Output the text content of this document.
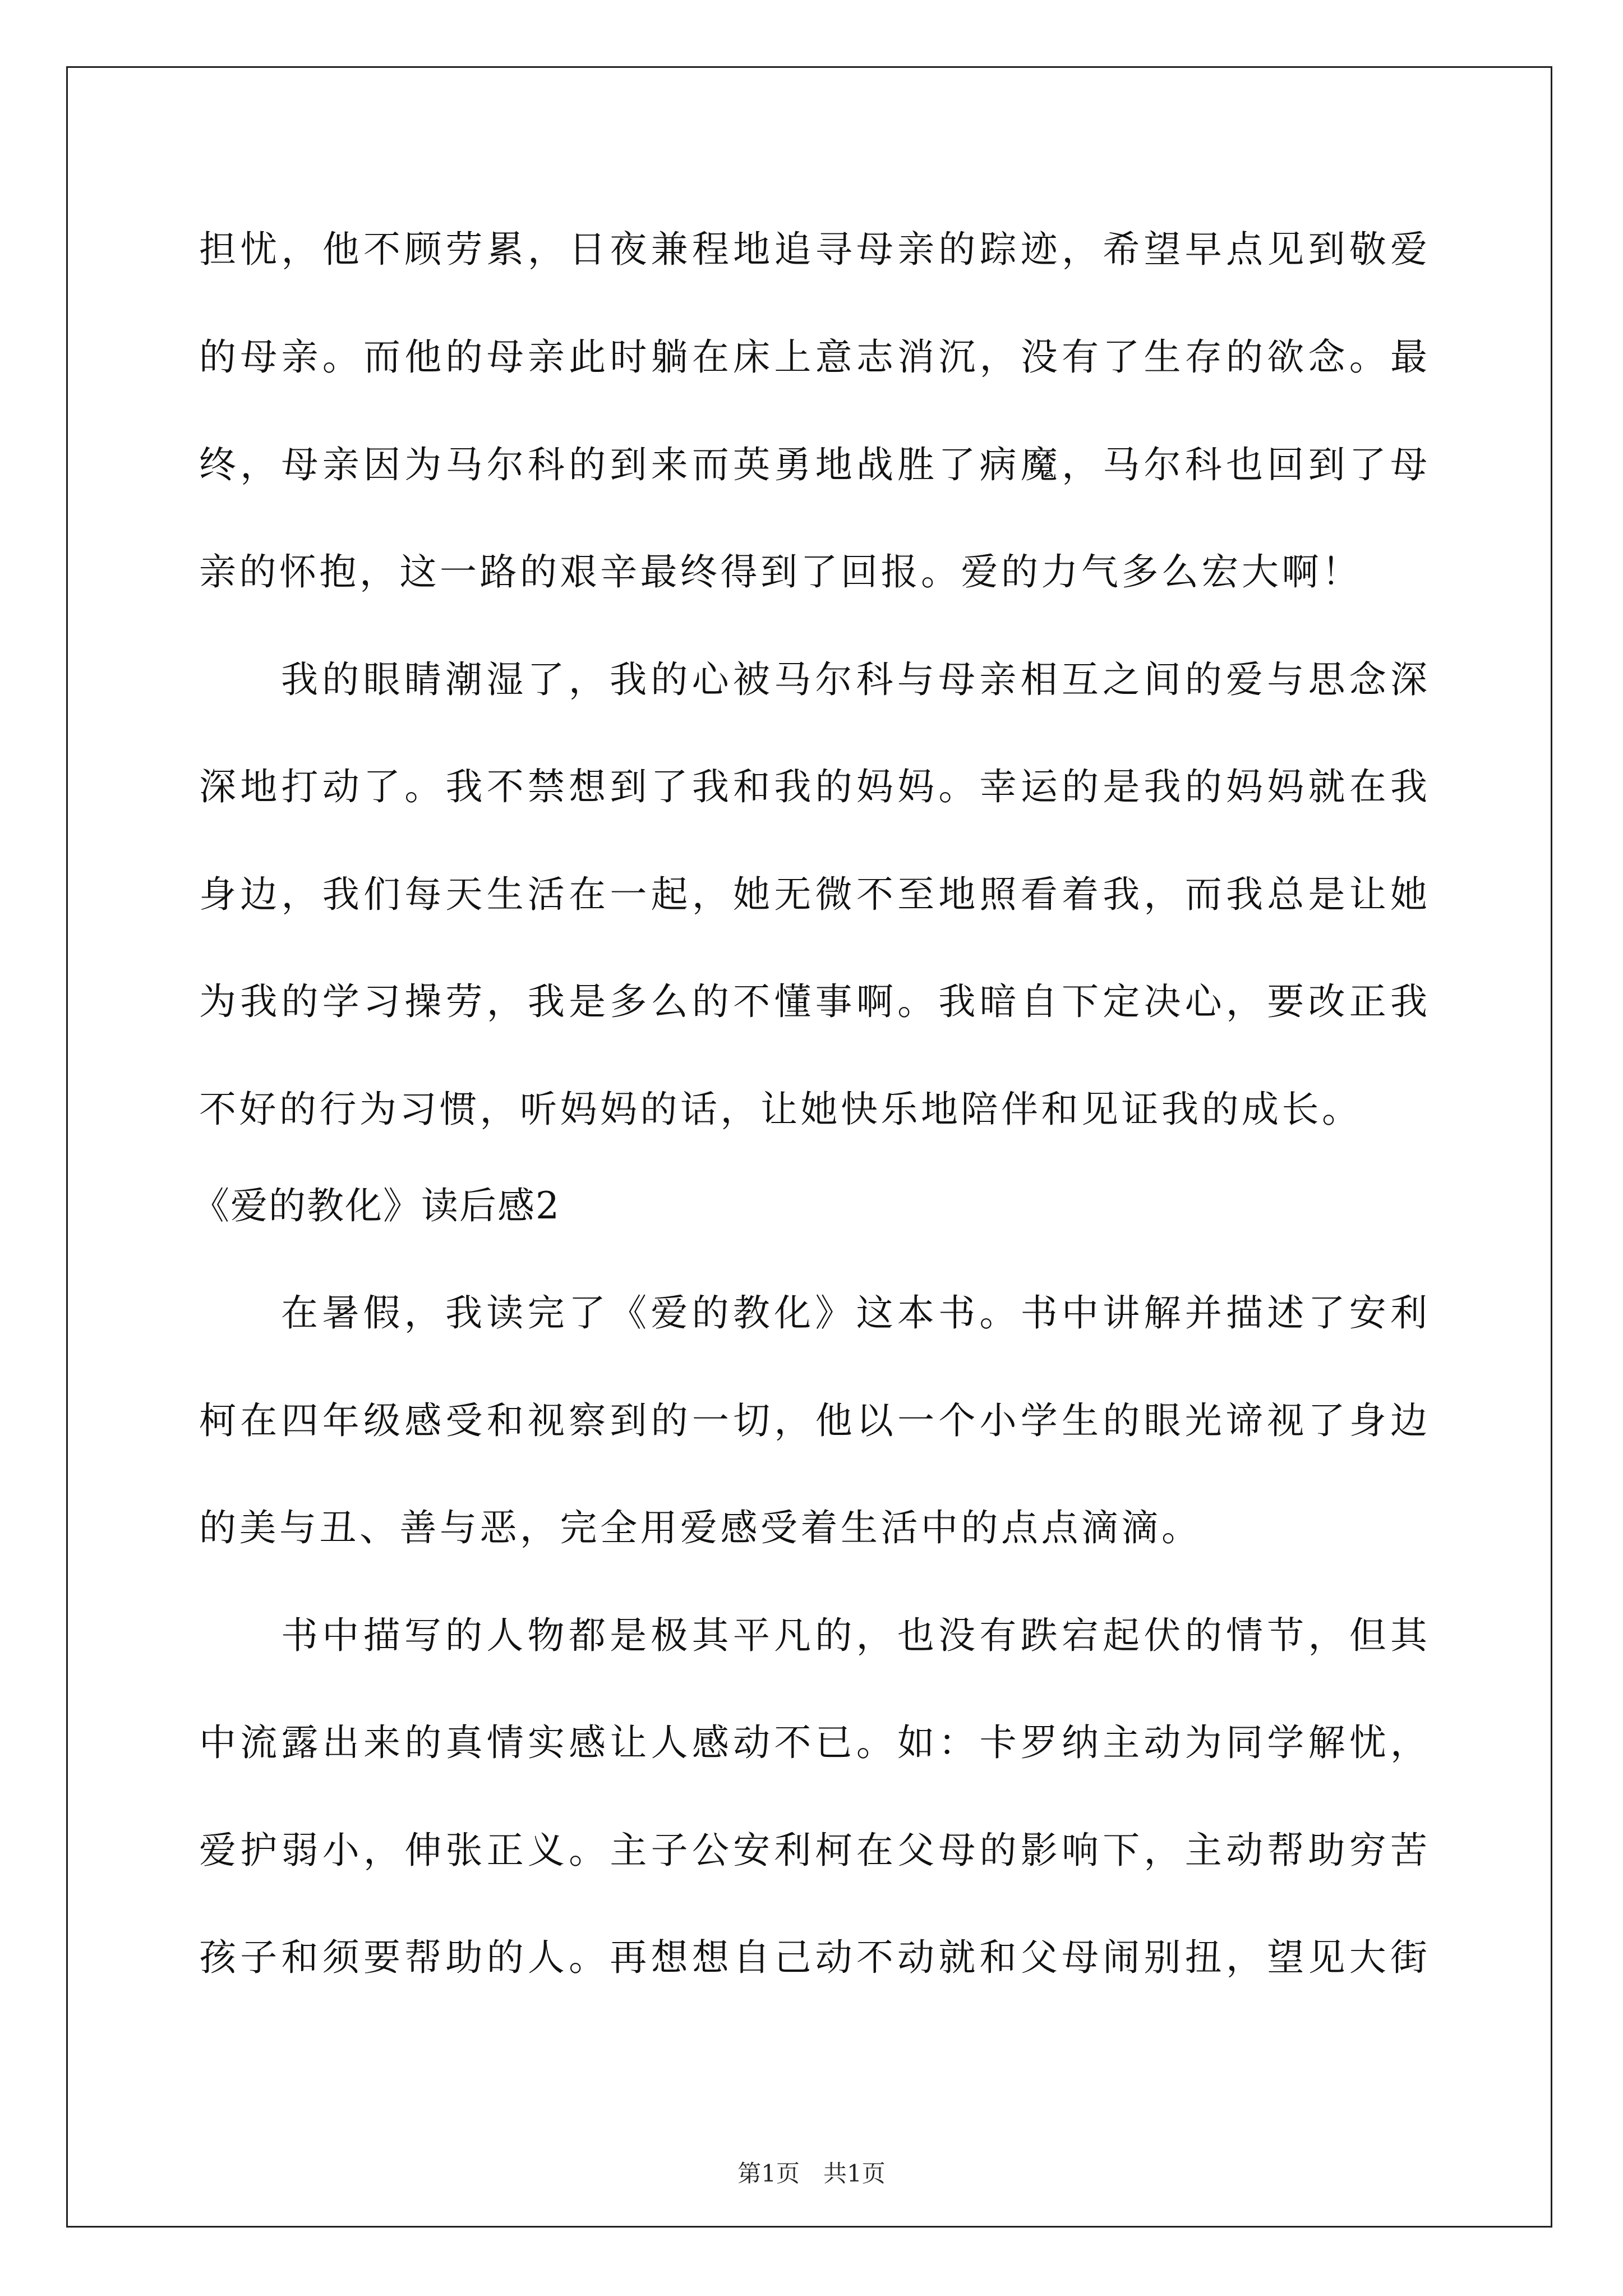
担忧，他不顾劳累，日夜兼程地追寻母亲的踪迹，希望早点见到敬爱
的母亲。而他的母亲此时躺在床上意志消沉，没有了生存的欲念。最
终，母亲因为马尔科的到来而英勇地战胜了病魔，马尔科也回到了母
亲的怀抱，这一路的艰辛最终得到了回报。爱的力气多么宏大啊！
我的眼睛潮湿了，我的心被马尔科与母亲相互之间的爱与思念深
深地打动了。我不禁想到了我和我的妈妈。幸运的是我的妈妈就在我
身边，我们每天生活在一起，她无微不至地照看着我，而我总是让她
为我的学习操劳，我是多么的不懂事啊。我暗自下定决心，要改正我
不好的行为习惯，听妈妈的话，让她快乐地陪伴和见证我的成长。
《爱的教化》读后感2
在暑假，我读完了《爱的教化》这本书。书中讲解并描述了安利
柯在四年级感受和视察到的一切，他以一个小学生的眼光谛视了身边
的美与丑、善与恶，完全用爱感受着生活中的点点滴滴。
书中描写的人物都是极其平凡的，也没有跌宕起伏的情节，但其
中流露出来的真情实感让人感动不已。如：卡罗纳主动为同学解忧，
爱护弱小，伸张正义。主子公安利柯在父母的影响下，主动帮助穷苦
孩子和须要帮助的人。再想想自己动不动就和父母闹别扭，望见大街
第1页　共1页
